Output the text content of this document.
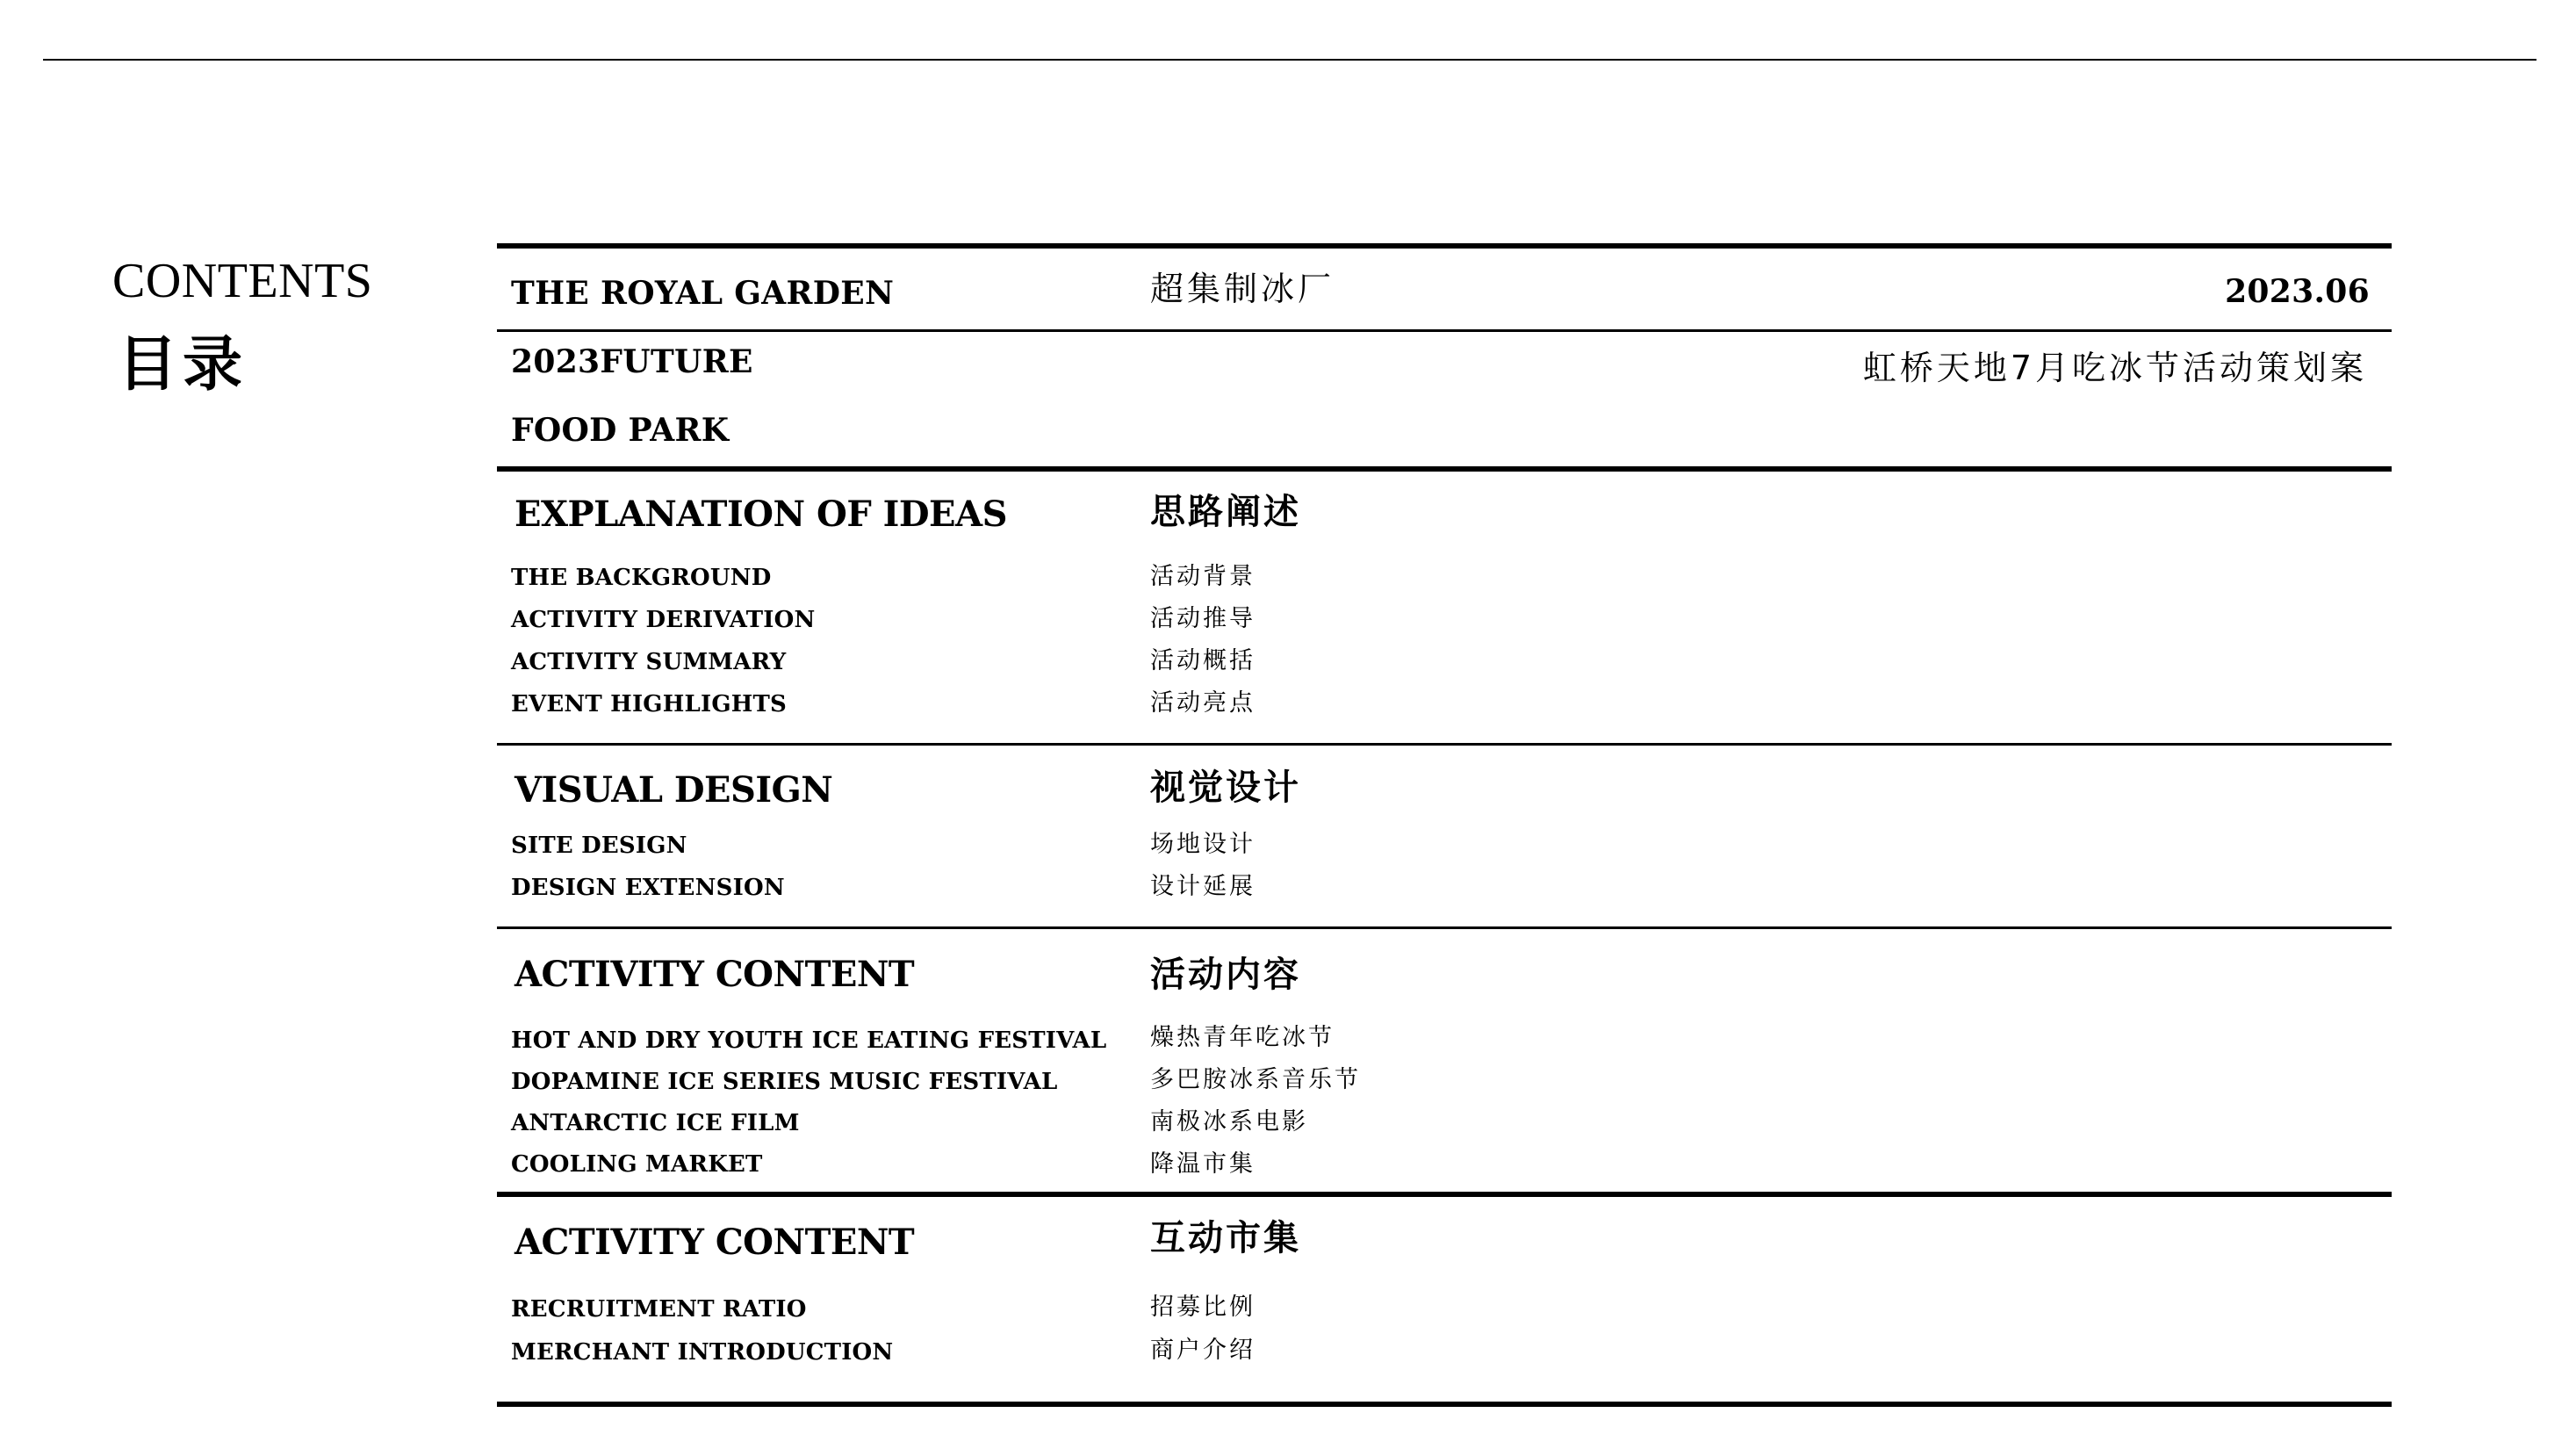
CONTENTS
目录
THE ROYAL GARDEN	超集制冰厂	2023.06
2023FUTURE	虹桥天地7月吃冰节活动策划案
FOOD PARK
EXPLANATION OF IDEAS	思路阐述
THE BACKGROUND	活动背景
ACTIVITY DERIVATION	活动推导
ACTIVITY SUMMARY	活动概括
EVENT HIGHLIGHTS	活动亮点
VISUAL DESIGN	视觉设计
SITE DESIGN	场地设计
DESIGN EXTENSION	设计延展
ACTIVITY CONTENT	活动内容
HOT AND DRY YOUTH ICE EATING FESTIVAL 燥热青年吃冰节
DOPAMINE ICE SERIES MUSIC FESTIVAL	多巴胺冰系音乐节
ANTARCTIC ICE FILM	南极冰系电影
COOLING MARKET	降温市集
ACTIVITY CONTENT	互动市集
RECRUITMENT RATIO	招募比例
MERCHANT INTRODUCTION	商户介绍
